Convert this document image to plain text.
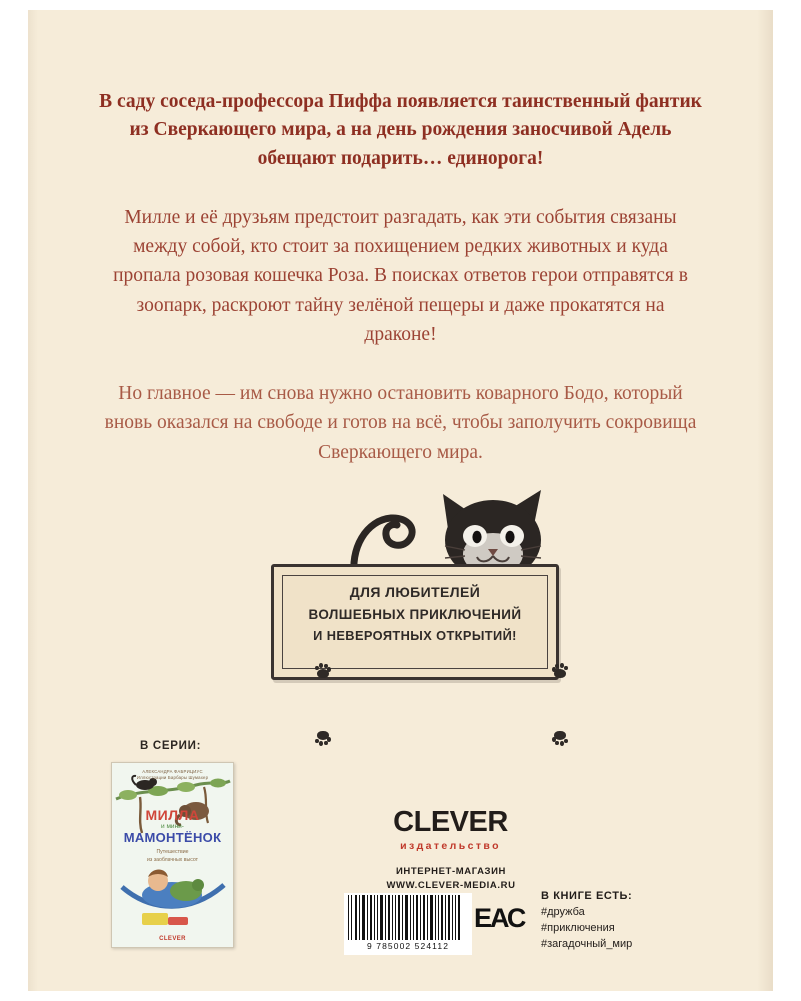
В саду соседа-профессора Пиффа появляется таинственный фантик из Сверкающего мира, а на день рождения заносчивой Адель обещают подарить… единорога!

Милле и её друзьям предстоит разгадать, как эти события связаны между собой, кто стоит за похищением редких животных и куда пропала розовая кошечка Роза. В поисках ответов герои отправятся в зоопарк, раскроют тайну зелёной пещеры и даже прокатятся на драконе!

Но главное — им снова нужно остановить коварного Бодо, который вновь оказался на свободе и готов на всё, чтобы заполучить сокровища Сверкающего мира.

ДЛЯ ЛЮБИТЕЛЕЙ
ВОЛШЕБНЫХ ПРИКЛЮЧЕНИЙ
И НЕВЕРОЯТНЫХ ОТКРЫТИЙ!
В СЕРИИ:
АЛЕКСАНДРА ФАБРИЦИУС
Иллюстрации Барбары Шумахер
МИЛЛА
и мини-
МАМОНТЁНОК
Путешествие
из заоблачных высот
CLEVER
CLEVER
издательство
ИНТЕРНЕТ-МАГАЗИН
WWW.CLEVER-MEDIA.RU
9 785002 524112
ЕАС
В КНИГЕ ЕСТЬ:
#дружба
#приключения
#загадочный_мир
